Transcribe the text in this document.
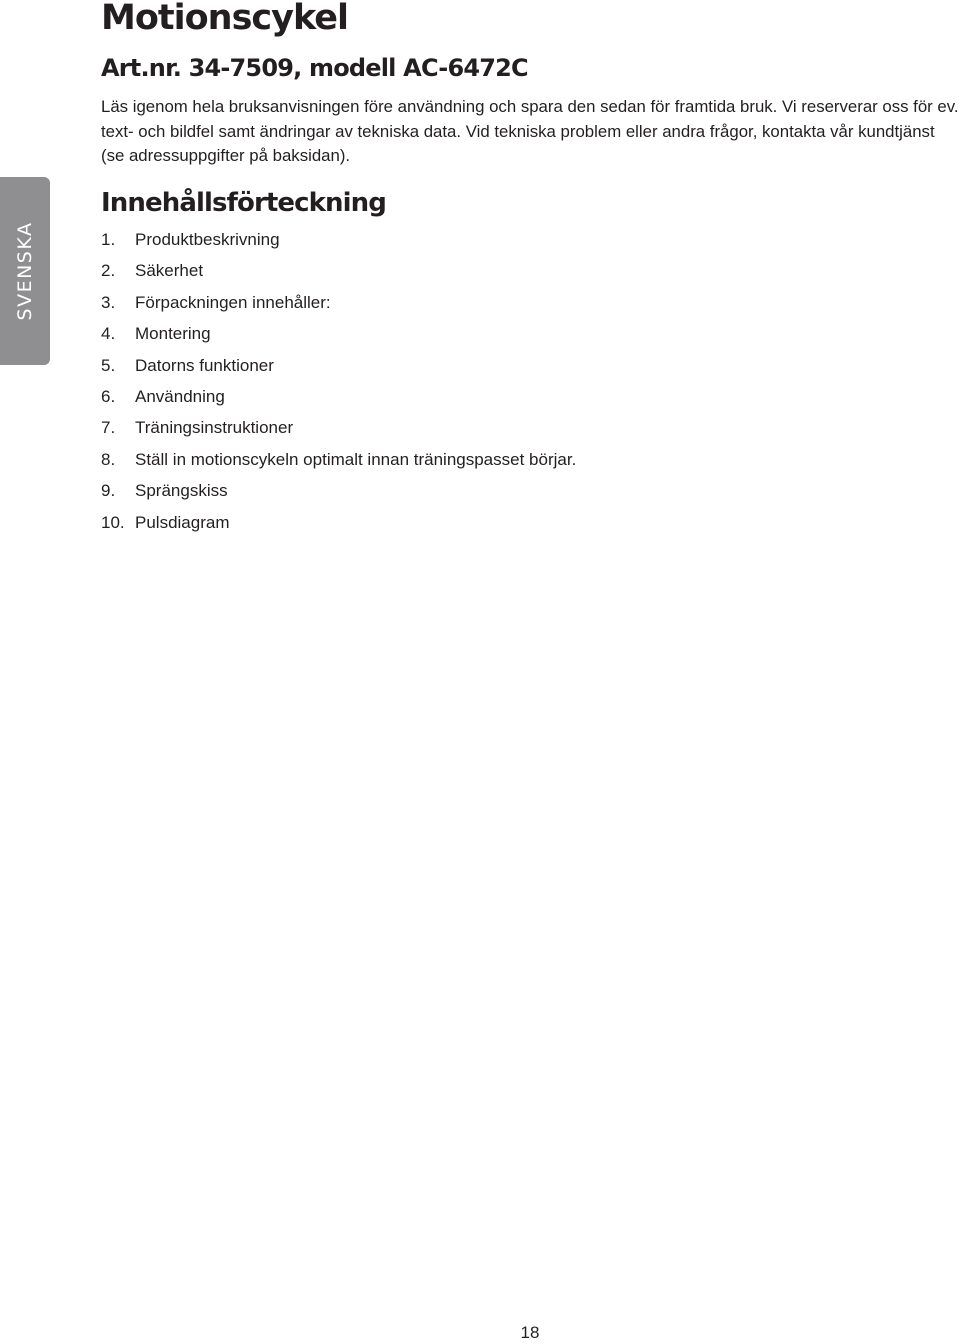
SVENSKA
Motionscykel
Art.nr. 34-7509, modell AC-6472C

Läs igenom hela bruksanvisningen före användning och spara den sedan för framtida bruk. Vi reserverar oss för ev. text- och bildfel samt ändringar av tekniska data. Vid tekniska problem eller andra frågor, kontakta vår kundtjänst (se adressuppgifter på baksidan).

Innehållsförteckning
1.	Produktbeskrivning
2.	Säkerhet
3.	Förpackningen innehåller:
4.	Montering
5.	Datorns funktioner
6.	Användning
7.	Träningsinstruktioner
8.	Ställ in motionscykeln optimalt innan träningspasset börjar.
9.	Sprängskiss
10. Pulsdiagram
18
